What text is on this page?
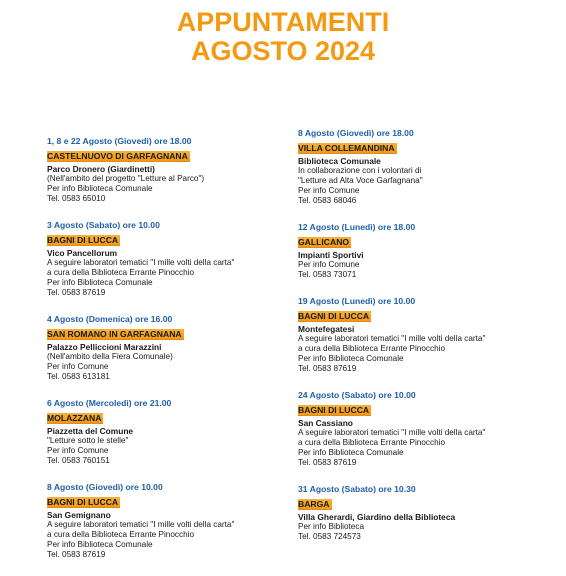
APPUNTAMENTI
AGOSTO 2024
1, 8 e 22 Agosto (Giovedì) ore 18.00
CASTELNUOVO DI GARFAGNANA
Parco Dronero (Giardinetti)
(Nell'ambito del progetto "Letture al Parco")
Per info Biblioteca Comunale
Tel. 0583 65010
3 Agosto (Sabato) ore 10.00
BAGNI DI LUCCA
Vico Pancellorum
A seguire laboratori tematici "I mille volti della carta"
a cura della Biblioteca Errante Pinocchio
Per info Biblioteca Comunale
Tel. 0583 87619
4 Agosto (Domenica) ore 16.00
SAN ROMANO IN GARFAGNANA
Palazzo Pelliccioni Marazzini
(Nell'ambito della Fiera Comunale)
Per info Comune
Tel. 0583 613181
6 Agosto (Mercoledì) ore 21.00
MOLAZZANA
Piazzetta del Comune
"Letture sotto le stelle"
Per info Comune
Tel. 0583 760151
8 Agosto (Giovedì) ore 10.00
BAGNI DI LUCCA
San Gemignano
A seguire laboratori tematici "I mille volti della carta"
a cura della Biblioteca Errante Pinocchio
Per info Biblioteca Comunale
Tel. 0583 87619
8 Agosto (Giovedì) ore 18.00
VILLA COLLEMANDINA
Biblioteca Comunale
In collaborazione con i volontari di
"Letture ad Alta Voce Garfagnana"
Per info Comune
Tel. 0583 68046
12 Agosto (Lunedì) ore 18.00
GALLICANO
Impianti Sportivi
Per info Comune
Tel. 0583 73071
19 Agosto (Lunedì) ore 10.00
BAGNI DI LUCCA
Montefegatesi
A seguire laboratori tematici "I mille volti della carta"
a cura della Biblioteca Errante Pinocchio
Per info Biblioteca Comunale
Tel. 0583 87619
24 Agosto (Sabato) ore 10.00
BAGNI DI LUCCA
San Cassiano
A seguire laboratori tematici "I mille volti della carta"
a cura della Biblioteca Errante Pinocchio
Per info Biblioteca Comunale
Tel. 0583 87619
31 Agosto (Sabato) ore 10.30
BARGA
Villa Gherardi, Giardino della Biblioteca
Per info Biblioteca
Tel. 0583 724573
